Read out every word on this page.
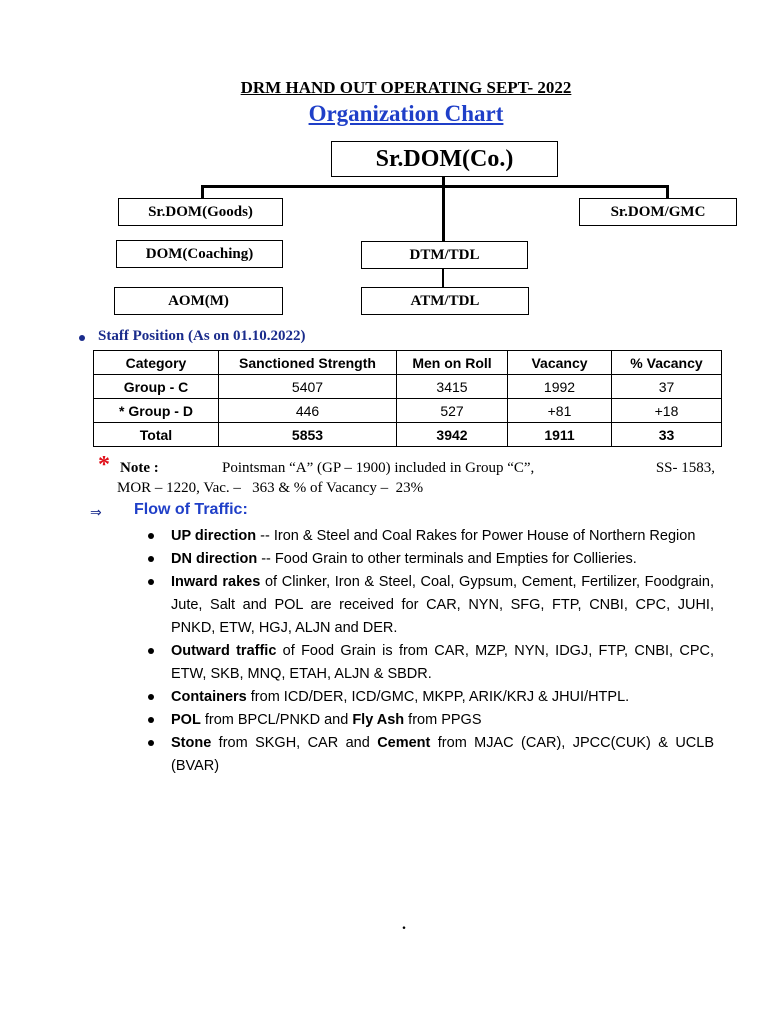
DRM HAND OUT OPERATING SEPT- 2022
Organization Chart
Sr.DOM(Co.)
Sr.DOM(Goods)
DOM(Coaching)
AOM(M)
DTM/TDL
ATM/TDL
Sr.DOM/GMC
Staff Position (As on 01.10.2022)
Category	Sanctioned Strength	Men on Roll	Vacancy	% Vacancy
Group - C	5407	3415	1992	37
* Group - D	446	527	+81	+18
Total	5853	3942	1911	33
* Note :	Pointsman “A” (GP – 1900) included in Group “C”,	SS- 1583,
MOR – 1220, Vac. –   363 & % of Vacancy –  23%
⇒ Flow of Traffic:
UP direction -- Iron & Steel and Coal Rakes for Power House of Northern Region
DN direction -- Food Grain to other terminals and Empties for Collieries.
Inward rakes of Clinker, Iron & Steel, Coal, Gypsum, Cement, Fertilizer, Foodgrain, Jute, Salt and POL are received for CAR, NYN, SFG, FTP, CNBI, CPC, JUHI, PNKD, ETW, HGJ, ALJN and DER.
Outward traffic of Food Grain is from CAR, MZP, NYN, IDGJ, FTP, CNBI, CPC, ETW, SKB, MNQ, ETAH, ALJN & SBDR.
Containers from ICD/DER, ICD/GMC, MKPP, ARIK/KRJ & JHUI/HTPL.
POL from BPCL/PNKD and Fly Ash from PPGS
Stone from SKGH, CAR and Cement from MJAC (CAR), JPCC(CUK) & UCLB (BVAR)
.
